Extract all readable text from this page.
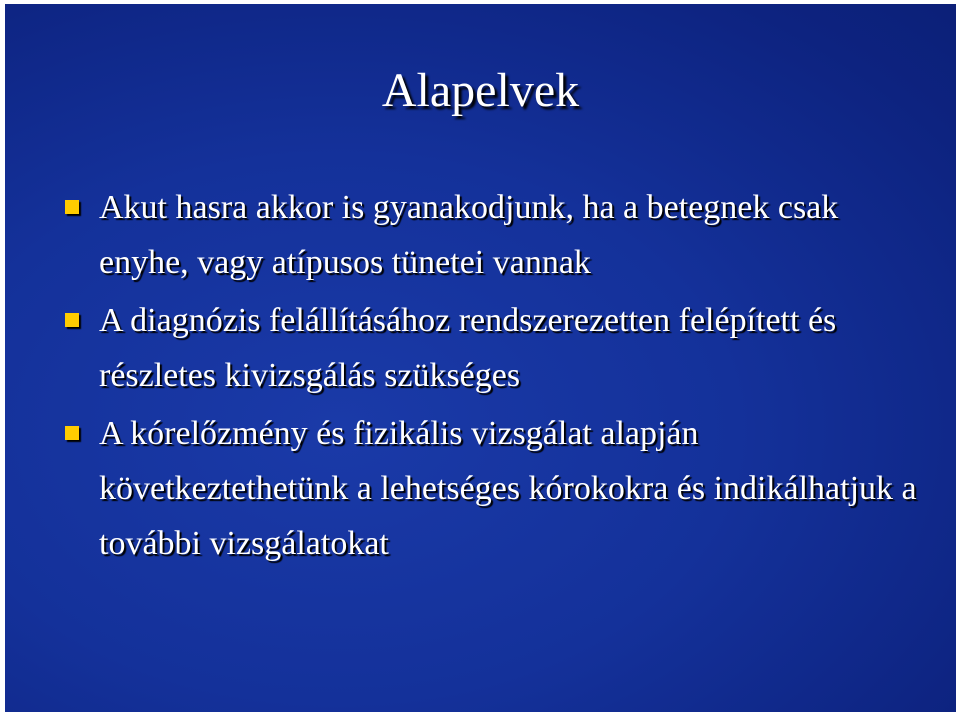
Alapelvek
Akut hasra akkor is gyanakodjunk, ha a betegnek csak enyhe, vagy atípusos tünetei vannak
A diagnózis felállításához rendszerezetten felépített és részletes kivizsgálás szükséges
A kórelőzmény és fizikális vizsgálat alapján következtethetünk a lehetséges kórokokra és indikálhatjuk a további vizsgálatokat
